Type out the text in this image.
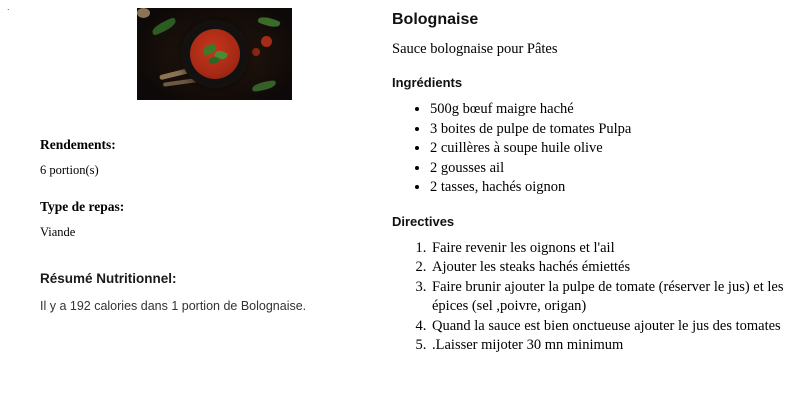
.

Rendements:

6 portion(s)

Type de repas:

Viande

Résumé Nutritionnel:

Il y a 192 calories dans 1 portion de Bolognaise.

Bolognaise

Sauce bolognaise pour Pâtes

Ingrédients
• 500g bœuf maigre haché
• 3 boites de pulpe de tomates Pulpa
• 2 cuillères à soupe huile olive
• 2 gousses ail
• 2 tasses, hachés oignon
Directives
1. Faire revenir les oignons et l'ail
2. Ajouter les steaks hachés émiettés
3. Faire brunir ajouter la pulpe de tomate (réserver le jus) et les épices (sel ,poivre, origan)
4. Quand la sauce est bien onctueuse ajouter le jus des tomates
5. .Laisser mijoter 30 mn minimum
